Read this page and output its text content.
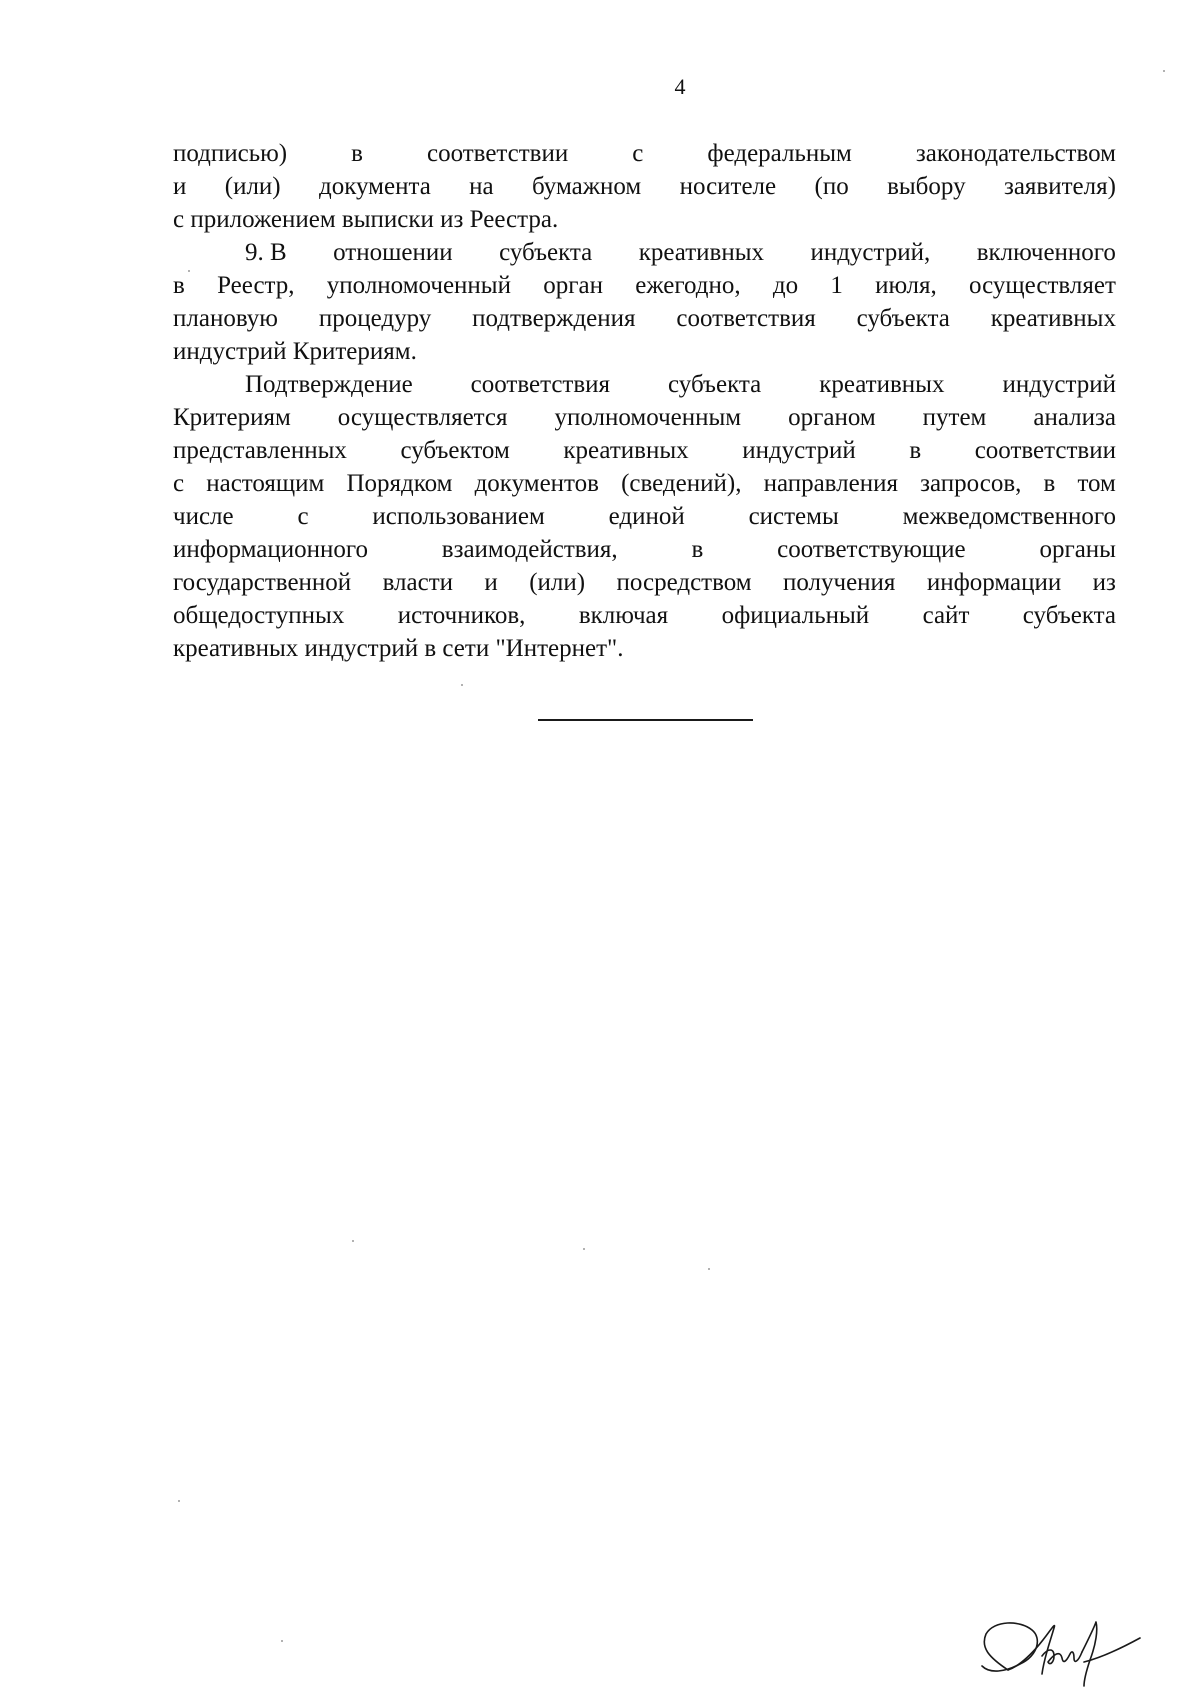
4
подписью)	в	соответствии	с	федеральным	законодательством
и (или) документа на бумажном носителе (по выбору заявителя)
с приложением выписки из Реестра.
9. В отношении субъекта креативных индустрий, включенного
в Реестр, уполномоченный орган ежегодно, до 1 июля, осуществляет
плановую процедуру подтверждения соответствия субъекта креативных
индустрий Критериям.
Подтверждение соответствия субъекта креативных индустрий
Критериям осуществляется уполномоченным органом путем анализа
представленных субъектом креативных индустрий в соответствии
с настоящим Порядком документов (сведений), направления запросов, в том
числе	с	использованием	единой	системы	межведомственного
информационного	взаимодействия,	в	соответствующие	органы
государственной власти и (или) посредством получения информации из
общедоступных источников, включая официальный сайт субъекта
креативных индустрий в сети "Интернет".
